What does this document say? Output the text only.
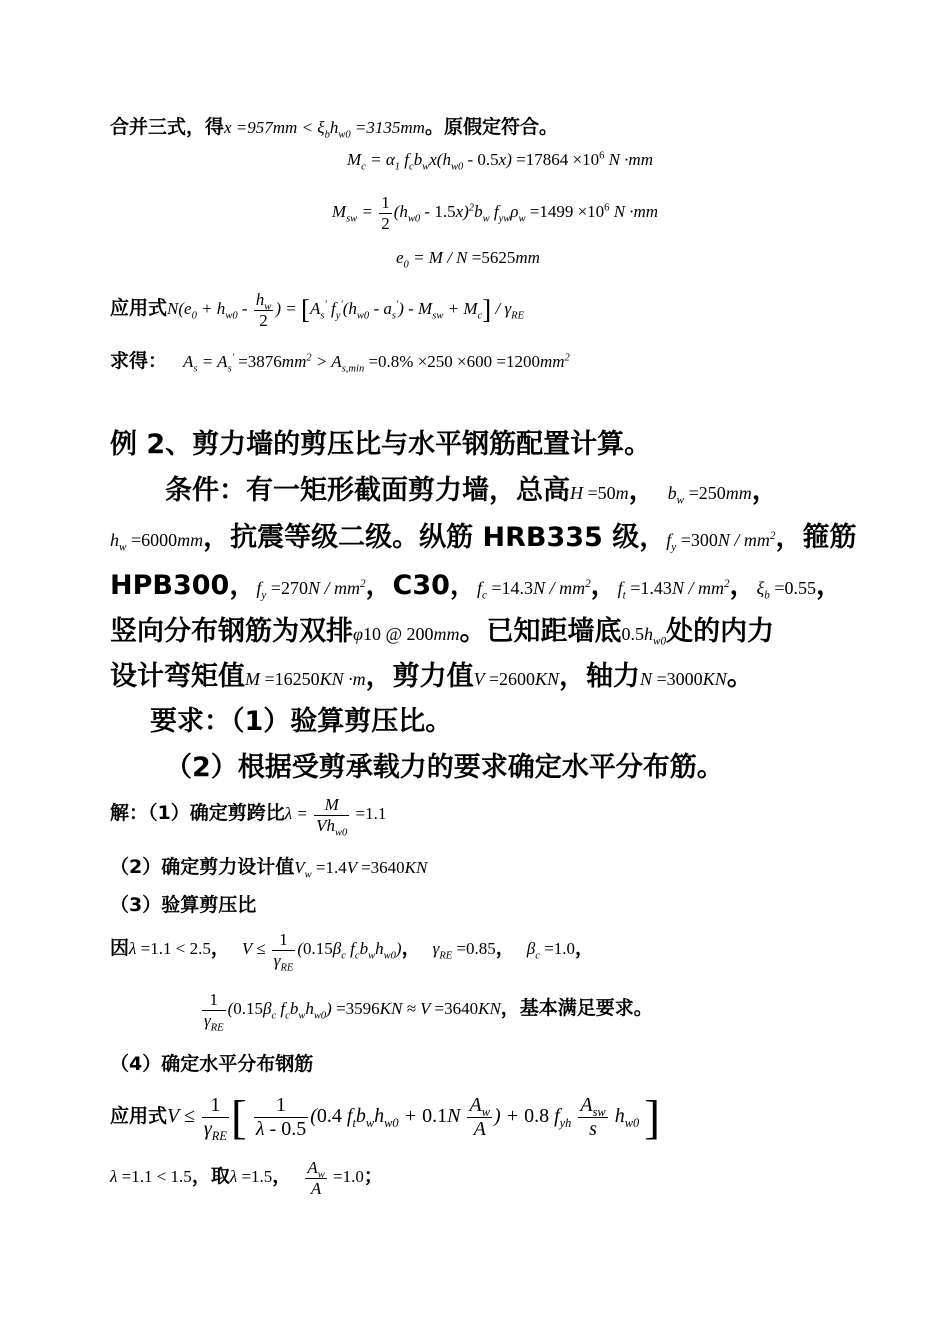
合并三式，得$x =957mm < \xi_bh_{w0} =3135mm$。原假定符合。
$M_c = \alpha_1$ $f_cb_wx(h_{w0} - 0.5x) =17864 \times 10^6$ N ·mm
$M_{sw} = \frac{1}{2} (h_{w0} - 1.5x)^2b_w$ $f_{yw}\rho_w =1499 \times 10^6$ N ·mm
$e_0 = M / N =5625mm$
应用式$N(e_0 + h_{w0} - \frac{h_w}{2}$ ) = [$A_s'$ $f_y'(h_{w0} - a_s') - M_{sw} + M_c] / \gamma_{RE}$
求得： $A_s = A_s' =3876mm^2 > A_{s,min} =0.8\% \times 250 \times 600 =1200mm^2$
例 2、剪力墙的剪压比与水平钢筋配置计算。
条件：有一矩形截面剪力墙，总高H =50m， $b_w =250mm$，
$h_w =6000mm$，抗震等级二级。纵筋 HRB335 级，$f_y =300N / mm^2$，箍筋
HPB300，$f_y =270N / mm^2$，C30，$f_c =14.3N / mm^2$，$f_t =1.43N / mm^2$，$\xi_b =0.55$，
竖向分布钢筋为双排φ10 @ 200mm。已知距墙底$0.5h_{w0}$处的内力
设计弯矩值M =16250KN ·m，剪力值V =2600KN，轴力N =3000KN。
要求：（1）验算剪压比。
（2）根据受剪承载力的要求确定水平分布筋。
解：（1）确定剪跨比$\lambda = \frac{M}{Vh_{w0}} =1.1$
（2）确定剪力设计值$V_w =1.4V =3640KN$
（3）验算剪压比
因λ =1.1 < 2.5， $V \le \frac{1}{\gamma_{RE}} (0.15\beta_c$ $f_cb_wh_{w0}$)， $\gamma_{RE} =0.85$， $\beta_c =1.0$，
$\frac{1}{\gamma_{RE}} (0.15\beta_c$ $f_cb_wh_{w0}) =3596KN \approx V =3640KN$，基本满足要求。
（4）确定水平分布钢筋
应用式$V \le \frac{1}{\gamma_{RE}}$ [ $\frac{1}{\lambda - 0.5} (0.4$ $f_tb_wh_{w0} + 0.1N \frac{A_w}{A}$ ) + 0.8 $f_{yh} \frac{A_{sw}}{s} h_{w0}$ ]
λ =1.1 < 1.5，取λ =1.5， $\frac{A_w}{A} =1.0$；
